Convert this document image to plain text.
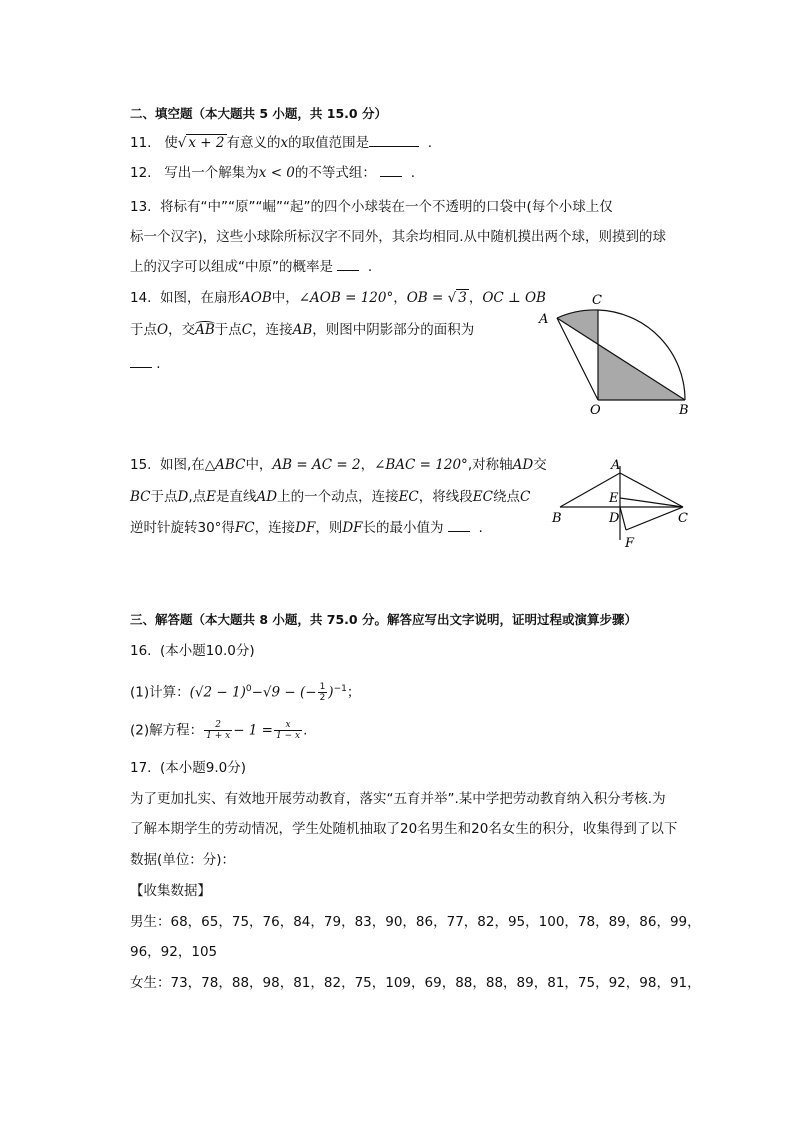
二、填空题（本大题共 5 小题，共 15.0 分）
11. 使√ x + 2 有意义的x的取值范围是	.
12. 写出一个解集为x < 0的不等式组：	.
13. 将标有“中”“原”“崛”“起”的四个小球装在一个不透明的口袋中(每个小球上仅
标一个汉字)，这些小球除所标汉字不同外，其余均相同.从中随机摸出两个球，则摸到的球
上的汉字可以组成“中原”的概率是	.
14. 如图，在扇形AOB中，∠AOB = 120°，OB = √ 3 ，OC ⊥ OB
于点O，交AB于点C，连接AB，则图中阴影部分的面积为
.
A
C
O	B
15. 如图,在△ABC中，AB = AC = 2，∠BAC = 120°,对称轴AD交
BC于点D,点E是直线AD上的一个动点，连接EC，将线段EC绕点C
逆时针旋转30°得FC，连接DF，则DF长的最小值为	.
A
E
B	D	C
F
三、解答题（本大题共 8 小题，共 75.0 分。解答应写出文字说明，证明过程或演算步骤）
16. (本小题10.0分)
(1)计算：$(√2 - 1)^0-√9$ − (− $\frac{1}{2} )^{-1}$；
(2)解方程： $\frac{2}{1 + x} - 1 = \frac{x}{1 - x}$ .
17. (本小题9.0分)
为了更加扎实、有效地开展劳动教育，落实“五育并举”.某中学把劳动教育纳入积分考核.为
了解本期学生的劳动情况，学生处随机抽取了20名男生和20名女生的积分，收集得到了以下
数据(单位：分)：
【收集数据】
男生：68，65，75，76，84，79，83，90，86，77，82，95，100，78，89，86，99，
96，92，105
女生：73，78，88，98，81，82，75，109，69，88，88，89，81，75，92，98，91，
